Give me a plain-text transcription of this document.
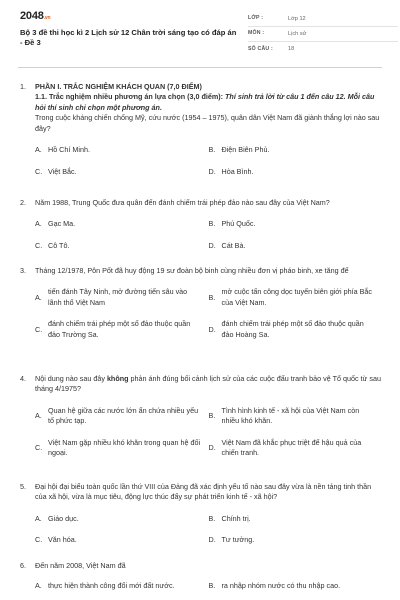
2048.vn
Bộ 3 đề thi học kì 2 Lịch sử 12 Chân trời sáng tạo có đáp án - Đề 3
LỚP :	Lớp 12
MÔN :	Lịch sử
SỐ CÂU :	18
1. PHẦN I. TRẮC NGHIỆM KHÁCH QUAN (7,0 ĐIỂM)
1.1. Trắc nghiệm nhiều phương án lựa chọn (3,0 điểm): Thí sinh trả lời từ câu 1 đến câu 12. Mỗi câu hỏi thí sinh chỉ chọn một phương án.
Trong cuộc kháng chiến chống Mỹ, cứu nước (1954 – 1975), quân dân Việt Nam đã giành thắng lợi nào sau đây?
A. Hồ Chí Minh.	B. Điện Biên Phủ.
C. Việt Bắc.	D. Hòa Bình.
2. Năm 1988, Trung Quốc đưa quân đến đánh chiếm trái phép đảo nào sau đây của Việt Nam?
A. Gạc Ma.	B. Phú Quốc.
C. Cô Tô.	D. Cát Bà.
3. Tháng 12/1978, Pôn Pốt đã huy động 19 sư đoàn bộ binh cùng nhiều đơn vị pháo binh, xe tăng để
A.
tiến đánh Tây Ninh, mở đường tiến sâu vào lãnh thổ Việt Nam
B.
mở cuộc tấn công dọc tuyến biên giới phía Bắc của Việt Nam.
C.
đánh chiếm trái phép một số đảo thuộc quần đảo Trường Sa.
D.
đánh chiếm trái phép một số đảo thuộc quần đảo Hoàng Sa.
4. Nội dung nào sau đây không phản ánh đúng bối cảnh lịch sử của các cuộc đấu tranh bảo vệ Tổ quốc từ sau tháng 4/1975?
A.
Quan hệ giữa các nước lớn ẩn chứa nhiều yếu tố phức tạp.
B.
Tình hình kinh tế - xã hội của Việt Nam còn nhiều khó khăn.
C.
Việt Nam gặp nhiều khó khăn trong quan hệ đối ngoại.
D.
Việt Nam đã khắc phục triệt để hậu quả của chiến tranh.
5. Đại hội đại biểu toàn quốc lần thứ VIII của Đảng đã xác định yếu tố nào sau đây vừa là nền tảng tinh thần của xã hội, vừa là mục tiêu, động lực thúc đẩy sự phát triển kinh tế - xã hội?
A. Giáo dục.	B. Chính trị.
C. Văn hóa.	D. Tư tưởng.
6. Đến năm 2008, Việt Nam đã
A. thực hiện thành công đổi mới đất nước.	B. ra nhập nhóm nước có thu nhập cao.
